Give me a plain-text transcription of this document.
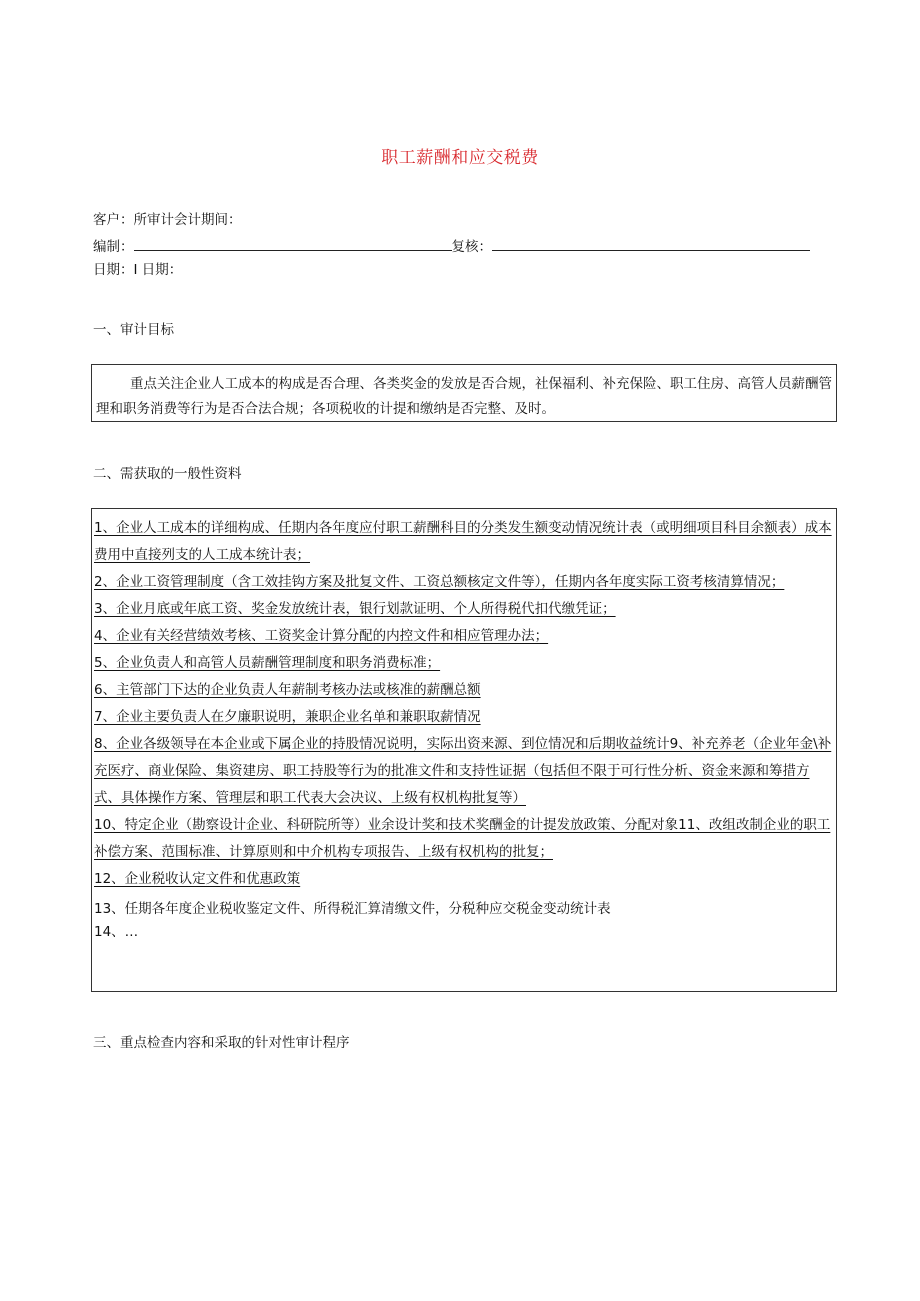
职工薪酬和应交税费
客户：所审计会计期间：
编制：	复核：
日期：I 日期：
一、审计目标
重点关注企业人工成本的构成是否合理、各类奖金的发放是否合规，社保福利、补充保险、职工住房、高管人员薪酬管理和职务消费等行为是否合法合规；各项税收的计提和缴纳是否完整、及时。
二、需获取的一般性资料

1、企业人工成本的详细构成、任期内各年度应付职工薪酬科目的分类发生额变动情况统计表（或明细项目科目余额表）成本费用中直接列支的人工成本统计表；

2、企业工资管理制度（含工效挂钩方案及批复文件、工资总额核定文件等），任期内各年度实际工资考核清算情况；

3、企业月底或年底工资、奖金发放统计表，银行划款证明、个人所得税代扣代缴凭证；

4、企业有关经营绩效考核、工资奖金计算分配的内控文件和相应管理办法；

5、企业负责人和高管人员薪酬管理制度和职务消费标准；

6、主管部门下达的企业负责人年薪制考核办法或核准的薪酬总额

7、企业主要负责人在夕廉职说明，兼职企业名单和兼职取薪情况

8、企业各级领导在本企业或下属企业的持股情况说明，实际出资来源、到位情况和后期收益统计9、补充养老（企业年金\补充医疗、商业保险、集资建房、职工持股等行为的批准文件和支持性证据（包括但不限于可行性分析、资金来源和筹措方式、具体操作方案、管理层和职工代表大会决议、上级有权机构批复等）

10、特定企业（勘察设计企业、科研院所等）业余设计奖和技术奖酬金的计提发放政策、分配对象11、改组改制企业的职工补偿方案、范围标准、计算原则和中介机构专项报告、上级有权机构的批复；

12、企业税收认定文件和优惠政策

13、任期各年度企业税收鉴定文件、所得税汇算清缴文件，分税种应交税金变动统计表

14、…

三、重点检查内容和采取的针对性审计程序
